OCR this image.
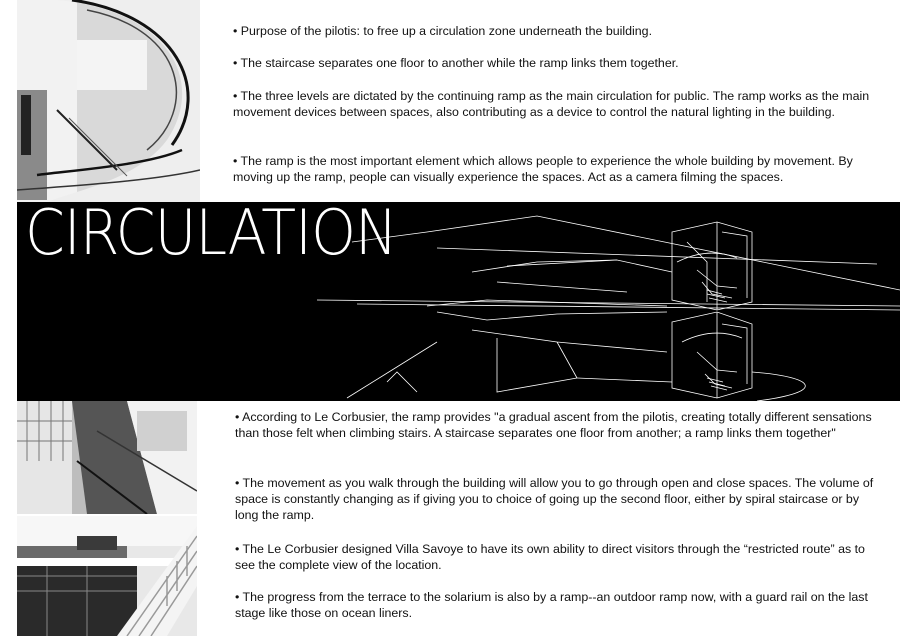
• Purpose of the pilotis: to free up a circulation zone underneath the building.

• The staircase separates one floor to another while the ramp links them together.

• The three levels are dictated by the continuing ramp as the main circulation for public. The ramp works as the main movement devices between spaces, also contributing as a device to control the natural lighting in the building.

• The ramp is the most important element which allows people to experience the whole building by movement. By moving up the ramp, people can visually experience the spaces. Act as a camera filming the spaces.

CIRCULATION

• According to Le Corbusier, the ramp provides "a gradual ascent from the pilotis, creating totally different sensations than those felt when climbing stairs. A staircase separates one floor from another; a ramp links them together"

• The movement as you walk through the building will allow you to go through open and close spaces. The volume of space is constantly changing as if giving you to choice of going up the second floor, either by spiral staircase or by long the ramp.

• The Le Corbusier designed Villa Savoye to have its own ability to direct visitors through the “restricted route” as to see the complete view of the location.

• The progress from the terrace to the solarium is also by a ramp--an outdoor ramp now, with a guard rail on the last stage like those on ocean liners.
